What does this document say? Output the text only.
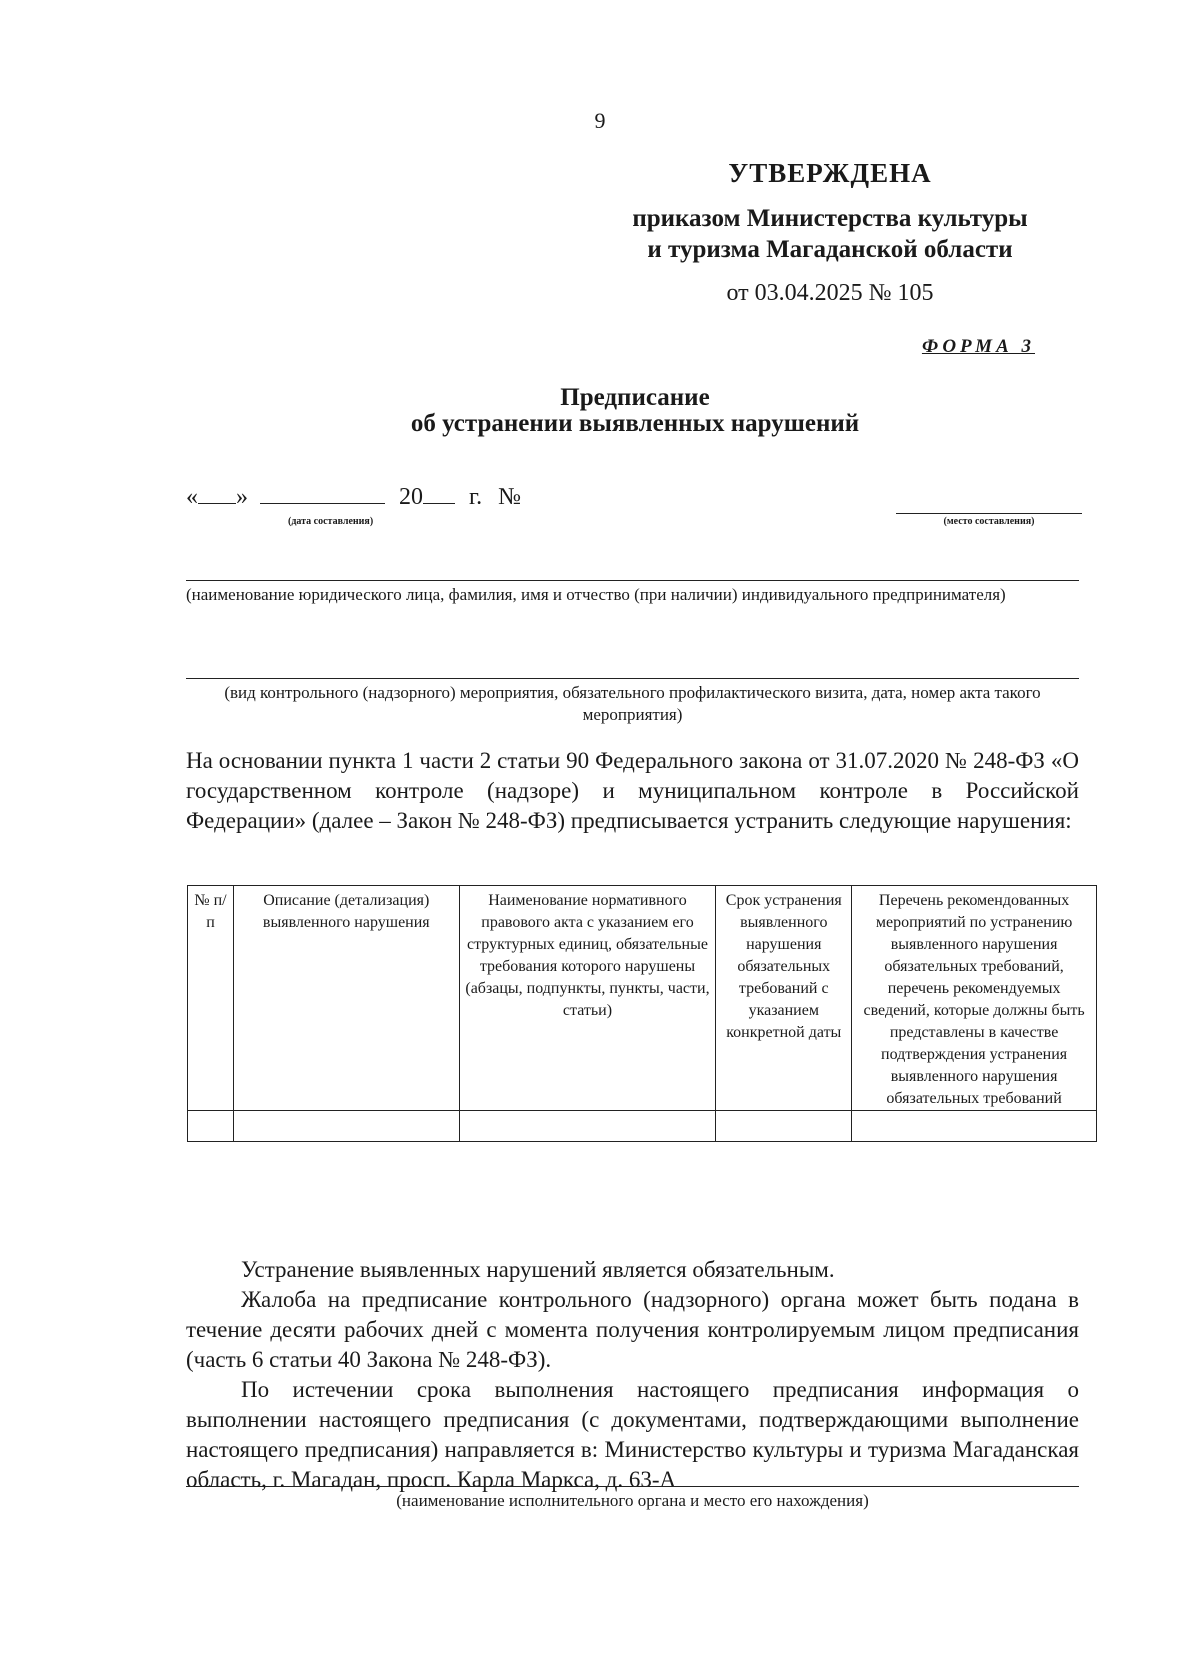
9
УТВЕРЖДЕНА
приказом Министерства культуры
и туризма Магаданской области
от 03.04.2025 № 105
ФОРМА 3
Предписание
об устранении выявленных нарушений
« »	20 г. №
(дата составления)	(место составления)
(наименование юридического лица, фамилия, имя и отчество (при наличии) индивидуального предпринимателя)
(вид контрольного (надзорного) мероприятия, обязательного профилактического визита, дата, номер акта такого мероприятия)
На основании пункта 1 части 2 статьи 90 Федерального закона от 31.07.2020 № 248-ФЗ «О государственном контроле (надзоре) и муниципальном контроле в Российской Федерации» (далее – Закон № 248-ФЗ) предписывается устранить следующие нарушения:
№ п/п	Описание (детализация) выявленного нарушения	Наименование нормативного правового акта с указанием его структурных единиц, обязательные требования которого нарушены (абзацы, подпункты, пункты, части, статьи)	Срок устранения выявленного нарушения обязательных требований с указанием конкретной даты	Перечень рекомендованных мероприятий по устранению выявленного нарушения обязательных требований, перечень рекомендуемых сведений, которые должны быть представлены в качестве подтверждения устранения выявленного нарушения обязательных требований

Устранение выявленных нарушений является обязательным.
Жалоба на предписание контрольного (надзорного) органа может быть подана в течение десяти рабочих дней с момента получения контролируемым лицом предписания (часть 6 статьи 40 Закона № 248-ФЗ).
По истечении срока выполнения настоящего предписания информация о выполнении настоящего предписания (с документами, подтверждающими выполнение настоящего предписания) направляется в: Министерство культуры и туризма Магаданская область, г. Магадан, просп. Карла Маркса, д. 63-А
(наименование исполнительного органа и место его нахождения)
